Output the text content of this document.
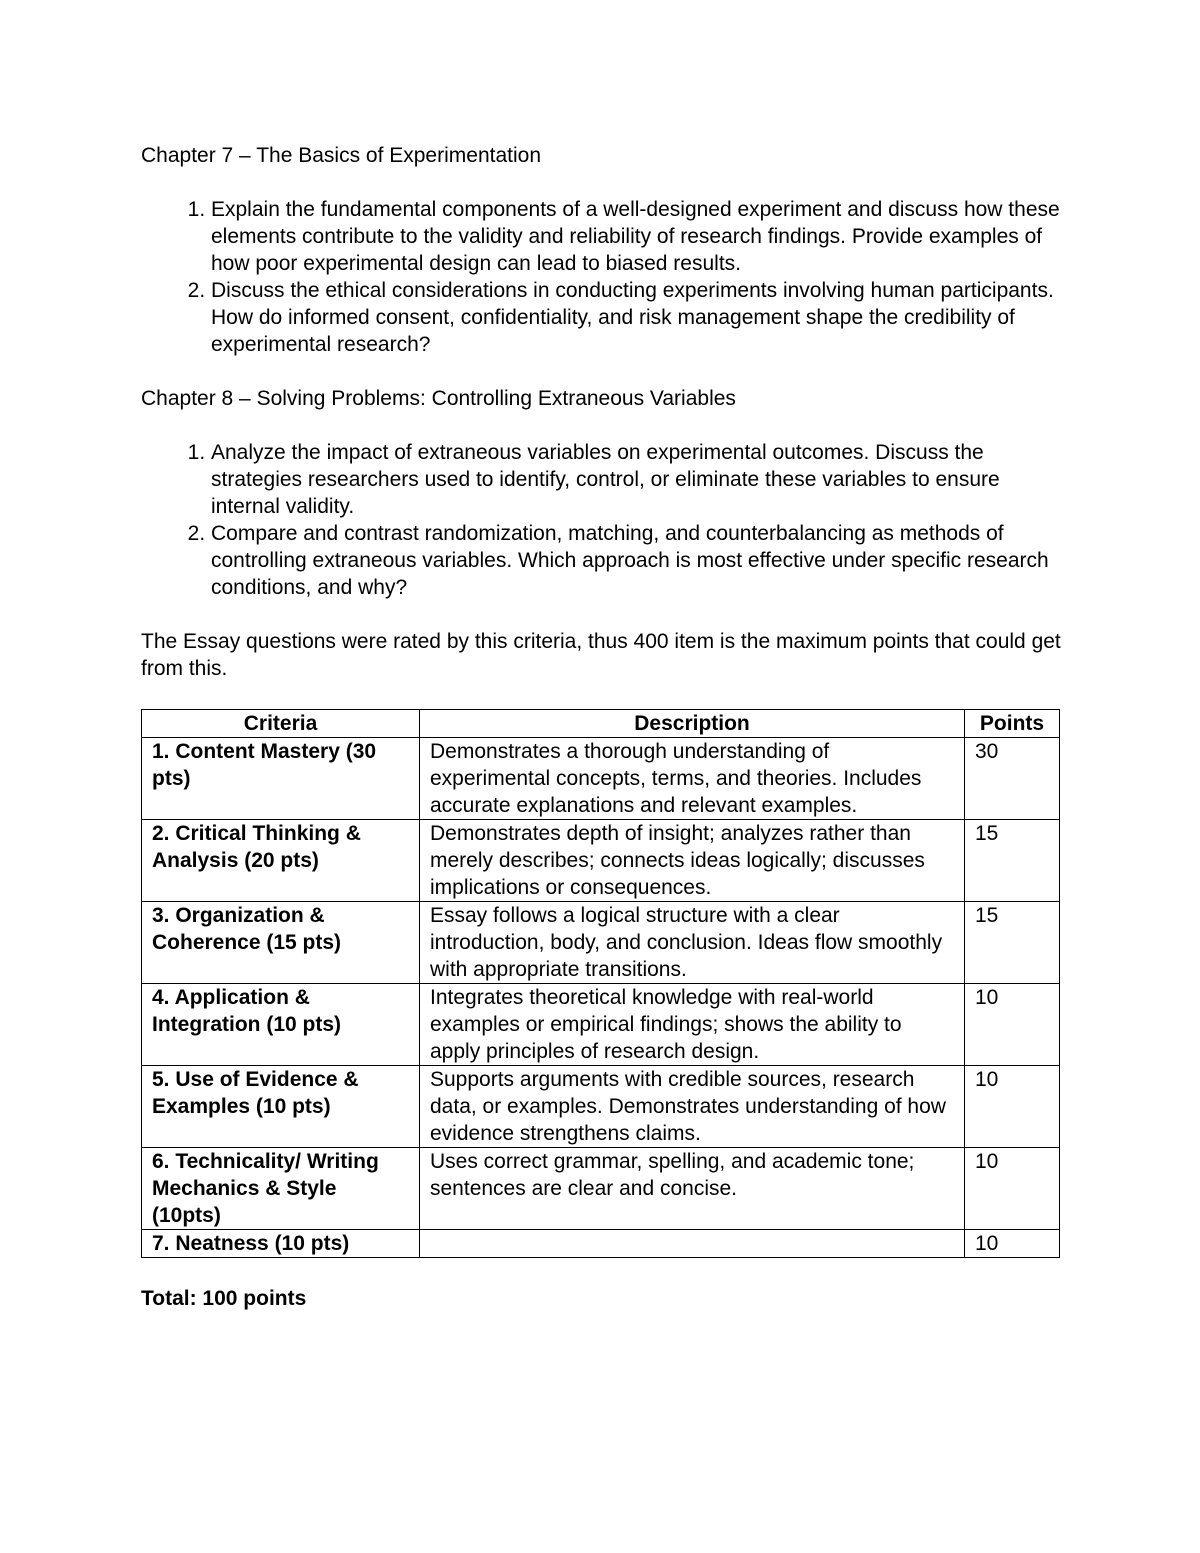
Chapter 7 – The Basics of Experimentation

1. Explain the fundamental components of a well-designed experiment and discuss how these elements contribute to the validity and reliability of research findings. Provide examples of how poor experimental design can lead to biased results.
2. Discuss the ethical considerations in conducting experiments involving human participants. How do informed consent, confidentiality, and risk management shape the credibility of experimental research?

Chapter 8 – Solving Problems: Controlling Extraneous Variables

1. Analyze the impact of extraneous variables on experimental outcomes. Discuss the strategies researchers used to identify, control, or eliminate these variables to ensure internal validity.
2. Compare and contrast randomization, matching, and counterbalancing as methods of controlling extraneous variables. Which approach is most effective under specific research conditions, and why?

The Essay questions were rated by this criteria, thus 400 item is the maximum points that could get from this.

Criteria	Description	Points
1. Content Mastery (30 pts)	Demonstrates a thorough understanding of experimental concepts, terms, and theories. Includes accurate explanations and relevant examples.	30
2. Critical Thinking & Analysis (20 pts)	Demonstrates depth of insight; analyzes rather than merely describes; connects ideas logically; discusses implications or consequences.	15
3. Organization & Coherence (15 pts)	Essay follows a logical structure with a clear introduction, body, and conclusion. Ideas flow smoothly with appropriate transitions.	15
4. Application & Integration (10 pts)	Integrates theoretical knowledge with real-world examples or empirical findings; shows the ability to apply principles of research design.	10
5. Use of Evidence & Examples (10 pts)	Supports arguments with credible sources, research data, or examples. Demonstrates understanding of how evidence strengthens claims.	10
6. Technicality/ Writing Mechanics & Style (10pts)	Uses correct grammar, spelling, and academic tone; sentences are clear and concise.	10
7. Neatness (10 pts)		10

Total: 100 points
